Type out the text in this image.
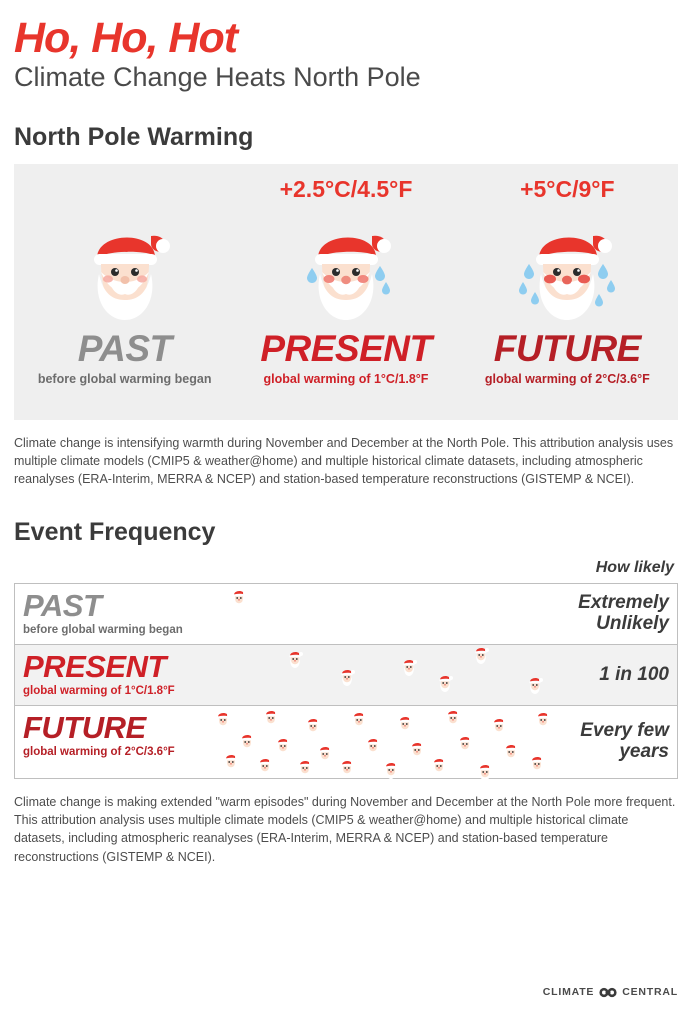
Ho, Ho, Hot
Climate Change Heats North Pole
North Pole Warming
PAST
before global warming began
+2.5°C/4.5°F
PRESENT
global warming of 1°C/1.8°F
+5°C/9°F
FUTURE
global warming of 2°C/3.6°F

Climate change is intensifying warmth during November and December at the North Pole. This attribution analysis uses multiple climate models (CMIP5 & weather@home) and multiple historical climate datasets, including atmospheric reanalyses (ERA-Interim, MERRA & NCEP) and station-based temperature reconstructions (GISTEMP & NCEI).

Event Frequency
How likely
PAST
before global warming began
Extremely Unlikely
PRESENT
global warming of 1°C/1.8°F
1 in 100
FUTURE
global warming of 2°C/3.6°F
Every few years

Climate change is making extended "warm episodes" during November and December at the North Pole more frequent. This attribution analysis uses multiple climate models (CMIP5 & weather@home) and multiple historical climate datasets, including atmospheric reanalyses (ERA-Interim, MERRA & NCEP) and station-based temperature reconstructions (GISTEMP & NCEI).

CLIMATE	CENTRAL
